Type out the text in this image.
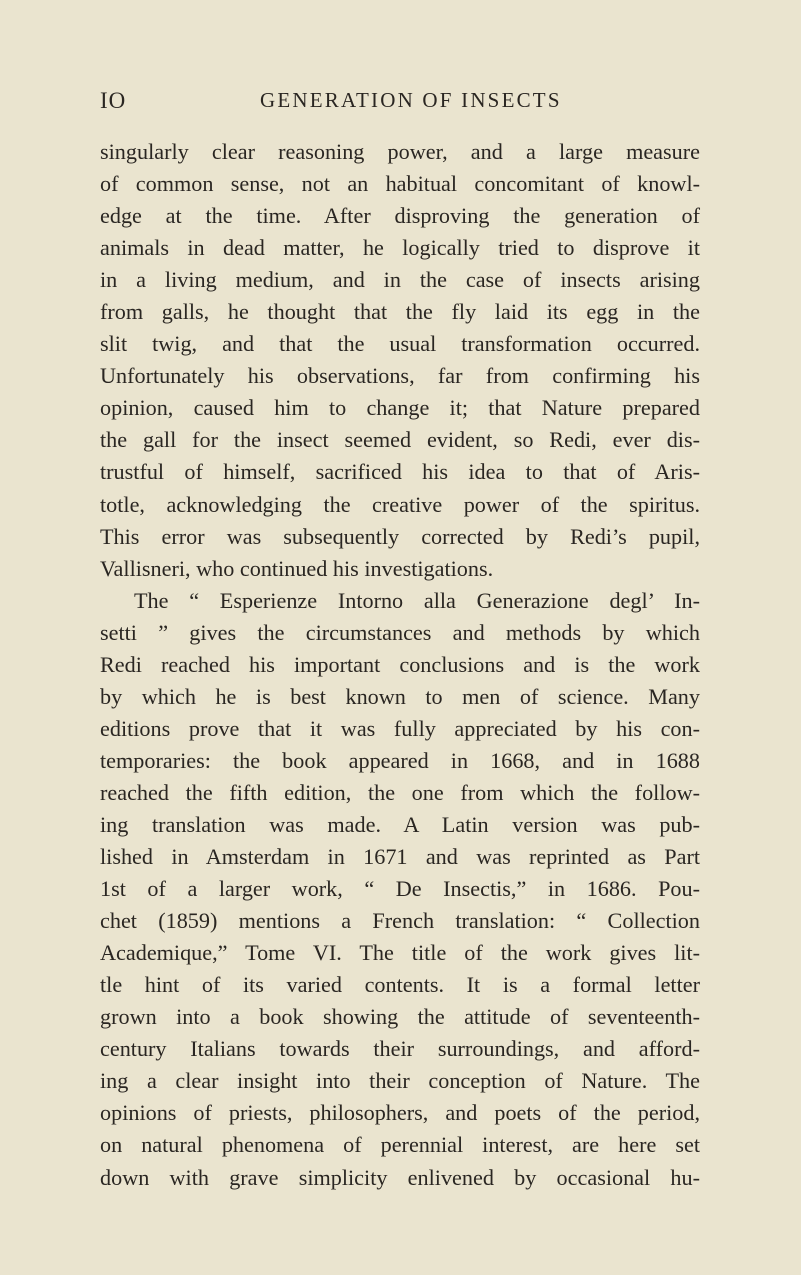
IO	GENERATION OF INSECTS
singularly clear reasoning power, and a large measure
of common sense, not an habitual concomitant of knowl-
edge at the time. After disproving the generation of
animals in dead matter, he logically tried to disprove it
in a living medium, and in the case of insects arising
from galls, he thought that the fly laid its egg in the
slit twig, and that the usual transformation occurred.
Unfortunately his observations, far from confirming his
opinion, caused him to change it; that Nature prepared
the gall for the insect seemed evident, so Redi, ever dis-
trustful of himself, sacrificed his idea to that of Aris-
totle, acknowledging the creative power of the spiritus.
This error was subsequently corrected by Redi’s pupil,
Vallisneri, who continued his investigations.
The “ Esperienze Intorno alla Generazione degl’ In-
setti ” gives the circumstances and methods by which
Redi reached his important conclusions and is the work
by which he is best known to men of science. Many
editions prove that it was fully appreciated by his con-
temporaries: the book appeared in 1668, and in 1688
reached the fifth edition, the one from which the follow-
ing translation was made. A Latin version was pub-
lished in Amsterdam in 1671 and was reprinted as Part
1st of a larger work, “ De Insectis,” in 1686. Pou-
chet (1859) mentions a French translation: “ Collection
Academique,” Tome VI. The title of the work gives lit-
tle hint of its varied contents. It is a formal letter
grown into a book showing the attitude of seventeenth-
century Italians towards their surroundings, and afford-
ing a clear insight into their conception of Nature. The
opinions of priests, philosophers, and poets of the period,
on natural phenomena of perennial interest, are here set
down with grave simplicity enlivened by occasional hu-
